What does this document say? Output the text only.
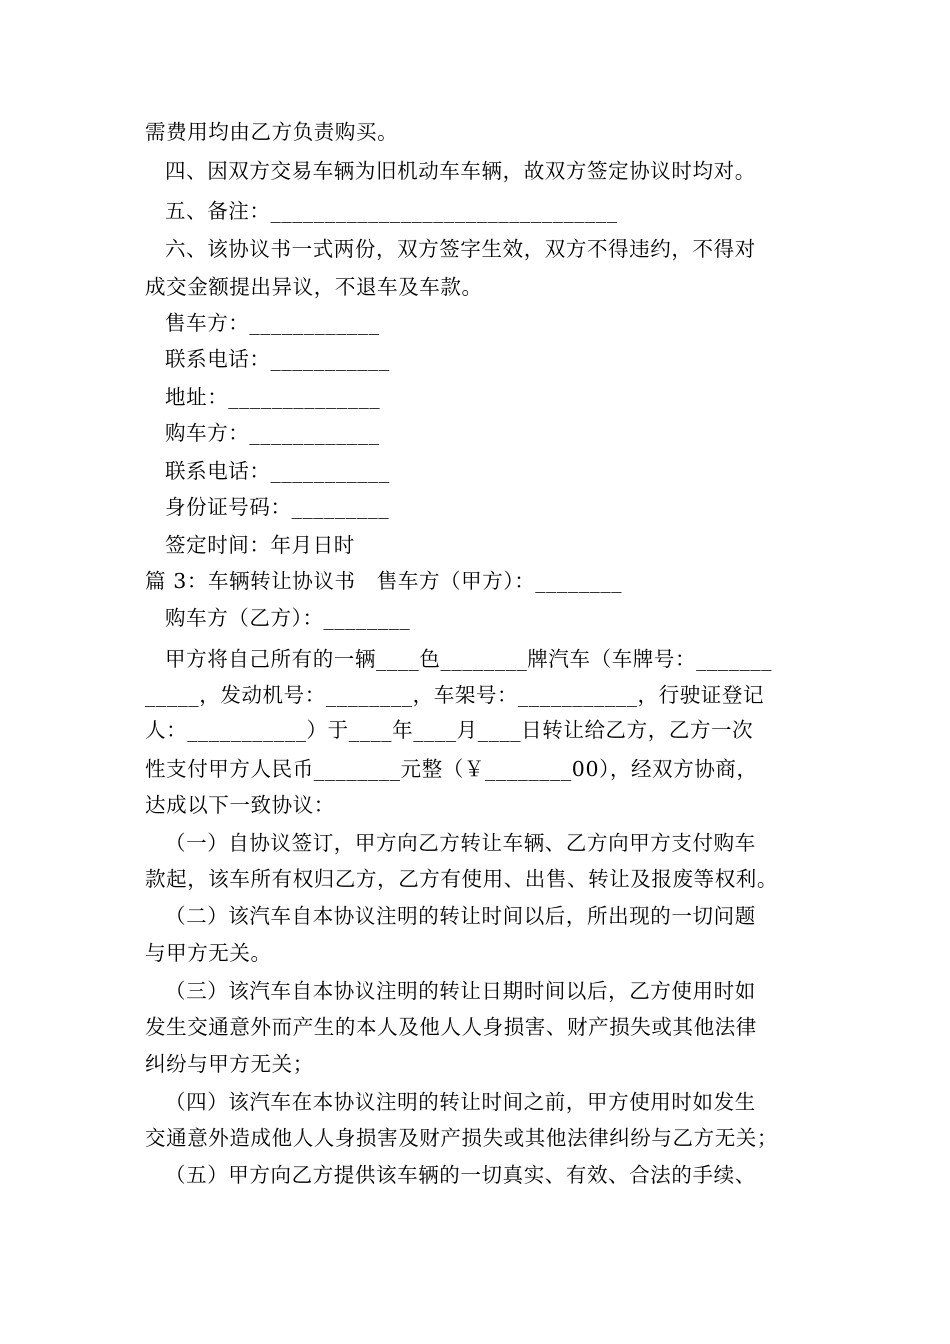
需费用均由乙方负责购买。
四、因双方交易车辆为旧机动车车辆，故双方签定协议时均对。
五、备注：________________________________
六、该协议书一式两份，双方签字生效，双方不得违约，不得对
成交金额提出异议，不退车及车款。
售车方：____________
联系电话：___________
地址：______________
购车方：____________
联系电话：___________
身份证号码：_________
签定时间：年月日时
篇 3：车辆转让协议书　售车方（甲方）：________
购车方（乙方）：________
甲方将自己所有的一辆____色________牌汽车（车牌号：_______
_____，发动机号：________，车架号：___________，行驶证登记
人：___________）于____年____月____日转让给乙方，乙方一次
性支付甲方人民币________元整（￥________00），经双方协商，
达成以下一致协议：
（一）自协议签订，甲方向乙方转让车辆、乙方向甲方支付购车
款起，该车所有权归乙方，乙方有使用、出售、转让及报废等权利。
（二）该汽车自本协议注明的转让时间以后，所出现的一切问题
与甲方无关。
（三）该汽车自本协议注明的转让日期时间以后，乙方使用时如
发生交通意外而产生的本人及他人人身损害、财产损失或其他法律
纠纷与甲方无关；
（四）该汽车在本协议注明的转让时间之前，甲方使用时如发生
交通意外造成他人人身损害及财产损失或其他法律纠纷与乙方无关；
（五）甲方向乙方提供该车辆的一切真实、有效、合法的手续、
